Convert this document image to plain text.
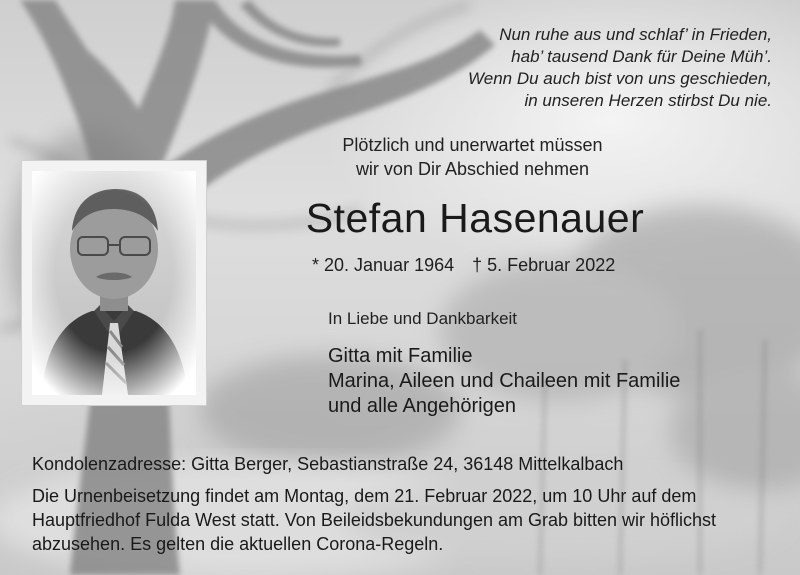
Nun ruhe aus und schlaf’ in Frieden,
hab’ tausend Dank für Deine Müh’.
Wenn Du auch bist von uns geschieden,
in unseren Herzen stirbst Du nie.
Plötzlich und unerwartet müssen
wir von Dir Abschied nehmen
Stefan Hasenauer
* 20. Januar 1964 † 5. Februar 2022
In Liebe und Dankbarkeit
Gitta mit Familie
Marina, Aileen und Chaileen mit Familie
und alle Angehörigen
Kondolenzadresse: Gitta Berger, Sebastianstraße 24, 36148 Mittelkalbach
Die Urnenbeisetzung findet am Montag, dem 21. Februar 2022, um 10 Uhr auf dem
Hauptfriedhof Fulda West statt. Von Beileidsbekundungen am Grab bitten wir höflichst
abzusehen. Es gelten die aktuellen Corona-Regeln.
